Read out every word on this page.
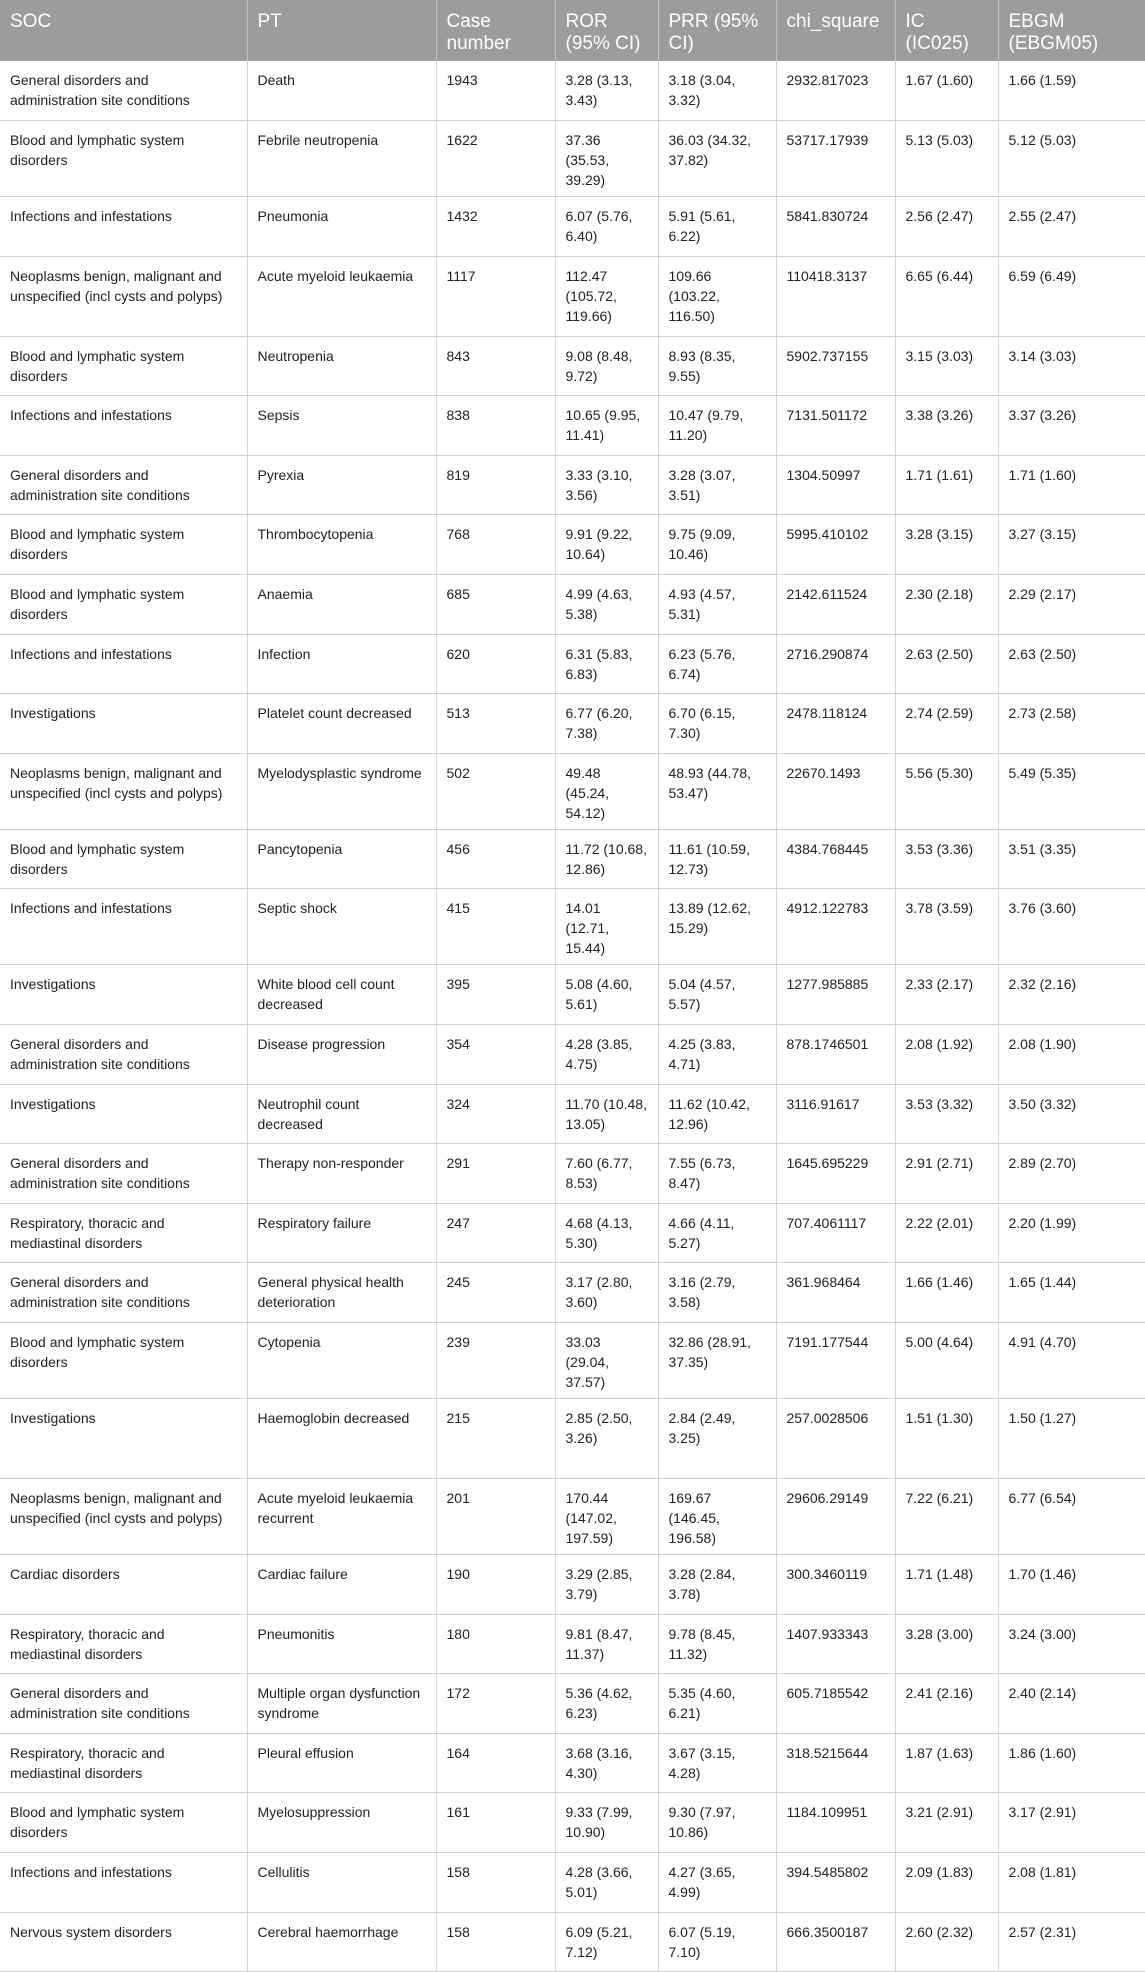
SOC	PT	Case number	ROR (95% CI)	PRR (95% CI)	chi_square	IC (IC025)	EBGM (EBGM05)
General disorders and administration site conditions	Death	1943	3.28 (3.13, 3.43)	3.18 (3.04, 3.32)	2932.817023	1.67 (1.60)	1.66 (1.59)
Blood and lymphatic system disorders	Febrile neutropenia	1622	37.36 (35.53, 39.29)	36.03 (34.32, 37.82)	53717.17939	5.13 (5.03)	5.12 (5.03)
Infections and infestations	Pneumonia	1432	6.07 (5.76, 6.40)	5.91 (5.61, 6.22)	5841.830724	2.56 (2.47)	2.55 (2.47)
Neoplasms benign, malignant and unspecified (incl cysts and polyps)	Acute myeloid leukaemia	1117	112.47 (105.72, 119.66)	109.66 (103.22, 116.50)	110418.3137	6.65 (6.44)	6.59 (6.49)
Blood and lymphatic system disorders	Neutropenia	843	9.08 (8.48, 9.72)	8.93 (8.35, 9.55)	5902.737155	3.15 (3.03)	3.14 (3.03)
Infections and infestations	Sepsis	838	10.65 (9.95, 11.41)	10.47 (9.79, 11.20)	7131.501172	3.38 (3.26)	3.37 (3.26)
General disorders and administration site conditions	Pyrexia	819	3.33 (3.10, 3.56)	3.28 (3.07, 3.51)	1304.50997	1.71 (1.61)	1.71 (1.60)
Blood and lymphatic system disorders	Thrombocytopenia	768	9.91 (9.22, 10.64)	9.75 (9.09, 10.46)	5995.410102	3.28 (3.15)	3.27 (3.15)
Blood and lymphatic system disorders	Anaemia	685	4.99 (4.63, 5.38)	4.93 (4.57, 5.31)	2142.611524	2.30 (2.18)	2.29 (2.17)
Infections and infestations	Infection	620	6.31 (5.83, 6.83)	6.23 (5.76, 6.74)	2716.290874	2.63 (2.50)	2.63 (2.50)
Investigations	Platelet count decreased	513	6.77 (6.20, 7.38)	6.70 (6.15, 7.30)	2478.118124	2.74 (2.59)	2.73 (2.58)
Neoplasms benign, malignant and unspecified (incl cysts and polyps)	Myelodysplastic syndrome	502	49.48 (45.24, 54.12)	48.93 (44.78, 53.47)	22670.1493	5.56 (5.30)	5.49 (5.35)
Blood and lymphatic system disorders	Pancytopenia	456	11.72 (10.68, 12.86)	11.61 (10.59, 12.73)	4384.768445	3.53 (3.36)	3.51 (3.35)
Infections and infestations	Septic shock	415	14.01 (12.71, 15.44)	13.89 (12.62, 15.29)	4912.122783	3.78 (3.59)	3.76 (3.60)
Investigations	White blood cell count decreased	395	5.08 (4.60, 5.61)	5.04 (4.57, 5.57)	1277.985885	2.33 (2.17)	2.32 (2.16)
General disorders and administration site conditions	Disease progression	354	4.28 (3.85, 4.75)	4.25 (3.83, 4.71)	878.1746501	2.08 (1.92)	2.08 (1.90)
Investigations	Neutrophil count decreased	324	11.70 (10.48, 13.05)	11.62 (10.42, 12.96)	3116.91617	3.53 (3.32)	3.50 (3.32)
General disorders and administration site conditions	Therapy non-responder	291	7.60 (6.77, 8.53)	7.55 (6.73, 8.47)	1645.695229	2.91 (2.71)	2.89 (2.70)
Respiratory, thoracic and mediastinal disorders	Respiratory failure	247	4.68 (4.13, 5.30)	4.66 (4.11, 5.27)	707.4061117	2.22 (2.01)	2.20 (1.99)
General disorders and administration site conditions	General physical health deterioration	245	3.17 (2.80, 3.60)	3.16 (2.79, 3.58)	361.968464	1.66 (1.46)	1.65 (1.44)
Blood and lymphatic system disorders	Cytopenia	239	33.03 (29.04, 37.57)	32.86 (28.91, 37.35)	7191.177544	5.00 (4.64)	4.91 (4.70)
Investigations	Haemoglobin decreased	215	2.85 (2.50, 3.26)	2.84 (2.49, 3.25)	257.0028506	1.51 (1.30)	1.50 (1.27)
Neoplasms benign, malignant and unspecified (incl cysts and polyps)	Acute myeloid leukaemia recurrent	201	170.44 (147.02, 197.59)	169.67 (146.45, 196.58)	29606.29149	7.22 (6.21)	6.77 (6.54)
Cardiac disorders	Cardiac failure	190	3.29 (2.85, 3.79)	3.28 (2.84, 3.78)	300.3460119	1.71 (1.48)	1.70 (1.46)
Respiratory, thoracic and mediastinal disorders	Pneumonitis	180	9.81 (8.47, 11.37)	9.78 (8.45, 11.32)	1407.933343	3.28 (3.00)	3.24 (3.00)
General disorders and administration site conditions	Multiple organ dysfunction syndrome	172	5.36 (4.62, 6.23)	5.35 (4.60, 6.21)	605.7185542	2.41 (2.16)	2.40 (2.14)
Respiratory, thoracic and mediastinal disorders	Pleural effusion	164	3.68 (3.16, 4.30)	3.67 (3.15, 4.28)	318.5215644	1.87 (1.63)	1.86 (1.60)
Blood and lymphatic system disorders	Myelosuppression	161	9.33 (7.99, 10.90)	9.30 (7.97, 10.86)	1184.109951	3.21 (2.91)	3.17 (2.91)
Infections and infestations	Cellulitis	158	4.28 (3.66, 5.01)	4.27 (3.65, 4.99)	394.5485802	2.09 (1.83)	2.08 (1.81)
Nervous system disorders	Cerebral haemorrhage	158	6.09 (5.21, 7.12)	6.07 (5.19, 7.10)	666.3500187	2.60 (2.32)	2.57 (2.31)
